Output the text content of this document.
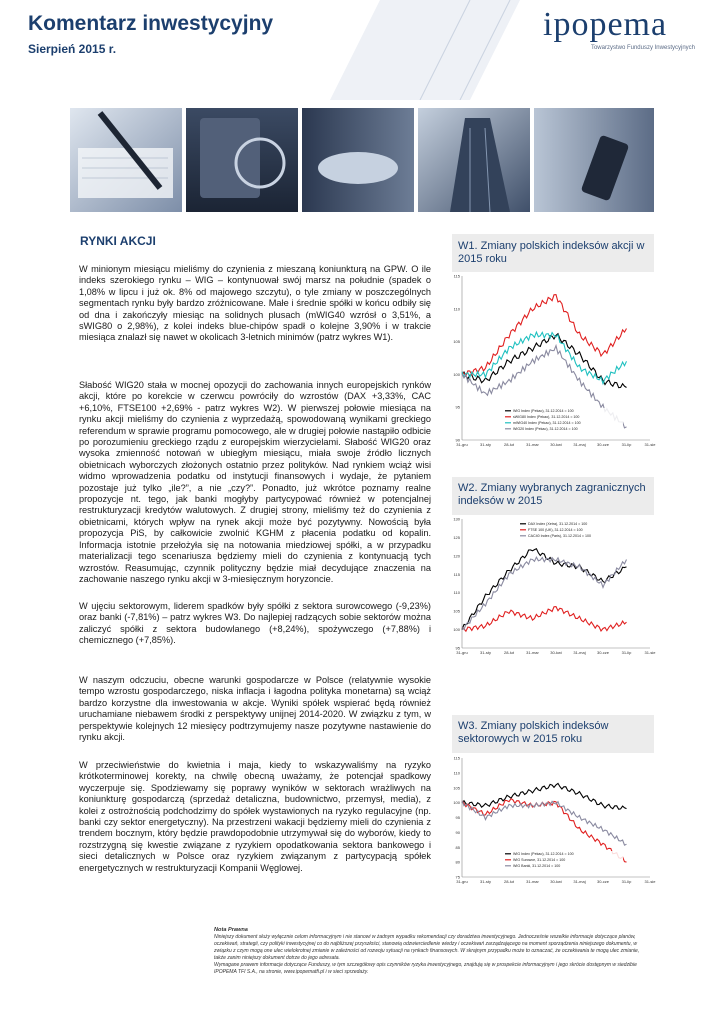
Komentarz inwestycyjny
Sierpień 2015 r.
ipopema
Towarzystwo Funduszy Inwestycyjnych
RYNKI AKCJI

W minionym miesiącu mieliśmy do czynienia z mieszaną koniunkturą na GPW. O ile indeks szerokiego rynku – WIG – kontynuował swój marsz na południe (spadek o 1,08% w lipcu i już ok. 8% od majowego szczytu), o tyle zmiany w poszczególnych segmentach rynku były bardzo zróżnicowane. Małe i średnie spółki w końcu odbiły się od dna i zakończyły miesiąc na solidnych plusach (mWIG40 wzrósł o 3,51%, a sWIG80 o 2,98%), z kolei indeks blue-chipów spadł o kolejne 3,90% i w trakcie miesiąca znalazł się nawet w okolicach 3-letnich minimów (patrz wykres W1).

Słabość WIG20 stała w mocnej opozycji do zachowania innych europejskich rynków akcji, które po korekcie w czerwcu powróciły do wzrostów (DAX +3,33%, CAC +6,10%, FTSE100 +2,69% - patrz wykres W2). W pierwszej połowie miesiąca na rynku akcji mieliśmy do czynienia z wyprzedażą, spowodowaną wynikami greckiego referendum w sprawie programu pomocowego, ale w drugiej połowie nastąpiło odbicie po porozumieniu greckiego rządu z europejskim wierzycielami. Słabość WIG20 oraz wysoka zmienność notowań w ubiegłym miesiącu, miała swoje źródło licznych obietnicach wyborczych złożonych ostatnio przez polityków. Nad rynkiem wciąż wisi widmo wprowadzenia podatku od instytucji finansowych i wydaje, że pytaniem pozostaje już tylko „ile?”, a nie „czy?”. Ponadto, już wkrótce poznamy realne propozycje nt. tego, jak banki mogłyby partycypować również w potencjalnej restrukturyzacji kredytów walutowych. Z drugiej strony, mieliśmy też do czynienia z obietnicami, których wpływ na rynek akcji może być pozytywny. Nowością była propozycja PiS, by całkowicie zwolnić KGHM z płacenia podatku od kopalin. Informacja istotnie przełożyła się na notowania miedziowej spółki, a w przypadku materializacji tego scenariusza będziemy mieli do czynienia z kontynuacją tych wzrostów. Reasumując, czynnik polityczny będzie miał decydujące znaczenia na zachowanie naszego rynku akcji w 3-miesięcznym horyzoncie.

W ujęciu sektorowym, liderem spadków były spółki z sektora surowcowego (-9,23%) oraz banki (-7,81%) – patrz wykres W3. Do najlepiej radzących sobie sektorów można zaliczyć spółki z sektora budowlanego (+8,24%), spożywczego (+7,88%) i chemicznego (+7,85%).

W naszym odczuciu, obecne warunki gospodarcze w Polsce (relatywnie wysokie tempo wzrostu gospodarczego, niska inflacja i łagodna polityka monetarna) są wciąż bardzo korzystne dla inwestowania w akcje. Wyniki spółek wspierać będą również uruchamiane niebawem środki z perspektywy unijnej 2014-2020. W związku z tym, w perspektywie kolejnych 12 miesięcy podtrzymujemy nasze pozytywne nastawienie do rynku akcji.

W przeciwieństwie do kwietnia i maja, kiedy to wskazywaliśmy na ryzyko krótkoterminowej korekty, na chwilę obecną uważamy, że potencjał spadkowy wyczerpuje się. Spodziewamy się poprawy wyników w sektorach wrażliwych na koniunkturę gospodarczą (sprzedaż detaliczna, budownictwo, przemysł, media), z kolei z ostrożnością podchodzimy do spółek wystawionych na ryzyko regulacyjne (np. banki czy sektor energetyczny). Na przestrzeni wakacji będziemy mieli do czynienia z trendem bocznym, który będzie prawdopodobnie utrzymywał się do wyborów, kiedy to rozstrzygną się kwestie związane z ryzykiem opodatkowania sektora bankowego i sieci detalicznych w Polsce oraz ryzykiem związanym z partycypacją spółek energetycznych w restrukturyzacji Kompanii Węglowej.

W1. Zmiany polskich indeksów akcji w 2015 roku
90
95
100
105
110
115
31-gru	31-sty	28-lut	31-mar	30-kwi	31-maj	30-cze	31-lip	31-sie
WIG Index (Pekao), 31.12.2014 = 100
sWIG80 Index (Pekao), 31.12.2014 = 100
mWIG40 Index (Pekao), 31.12.2014 = 100
WIG20 Index (Pekao), 31.12.2014 = 100
W2. Zmiany wybranych zagranicznych indeksów w 2015
95
100
105
110
115
120
125
130
31-gru	31-sty	28-lut	31-mar	30-kwi	31-maj	30-cze	31-lip	31-sie
DAX Index (Xetra), 31.12.2014 = 100
FTSE 100 (UK), 31.12.2014 = 100
CAC40 Index (Paris), 31.12.2014 = 100
W3. Zmiany polskich indeksów sektorowych w 2015 roku
75
80
85
90
95
100
105
110
115
31-gru	31-sty	28-lut	31-mar	30-kwi	31-maj	30-cze	31-lip	31-sie
WIG Index (Pekao), 31.12.2014 = 100
WIG Surowce, 31.12.2014 = 100
WIG Banki, 31.12.2014 = 100
Nota Prawna

Niniejszy dokument służy wyłącznie celom informacyjnym i nie stanowi w żadnym wypadku rekomendacji czy doradztwa inwestycyjnego. Jednocześnie wszelkie informacje dotyczące planów, oczekiwań, strategii, czy polityki inwestycyjnej co do najbliższej przyszłości, stanowią odzwierciedlenie wiedzy i oczekiwań zarządzającego na moment sporządzenia niniejszego dokumentu, w związku z czym mogą one ulec wielokrotnej zmianie w zależności od rozwoju sytuacji na rynkach finansowych. W skrajnym przypadku może to oznaczać, że oczekiwania te mogą ulec zmianie, także zanim niniejszy dokument dotrze do jego adresata.

Wymagane prawem informacje dotyczące Funduszy, w tym szczegółowy opis czynników ryzyka inwestycyjnego, znajdują się w prospekcie informacyjnym i jego skrócie dostępnym w siedzibie IPOPEMA TFI S.A., na stronie, www.ipopematfi.pl i w sieci sprzedaży.
